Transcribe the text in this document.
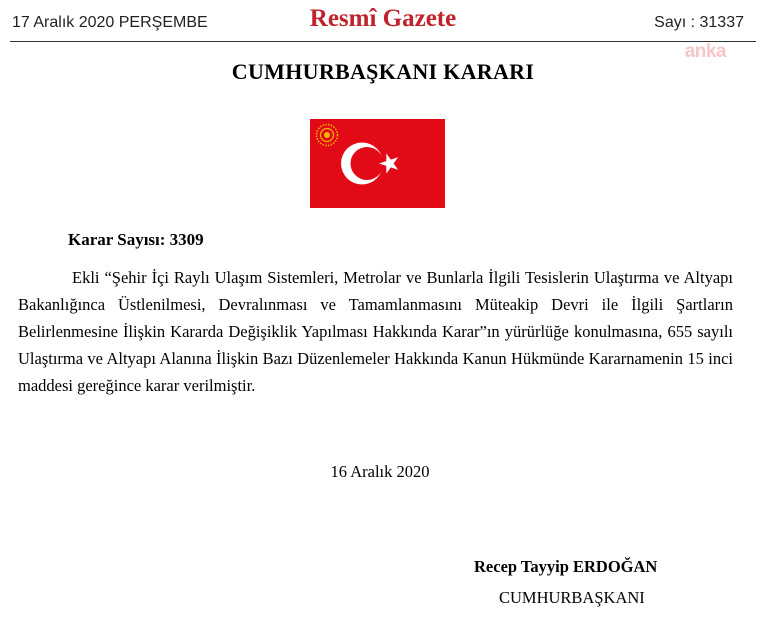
17 Aralık 2020 PERŞEMBE	Resmî Gazete	Sayı : 31337
anka
CUMHURBAŞKANI KARARI
Karar Sayısı: 3309

Ekli “Şehir İçi Raylı Ulaşım Sistemleri, Metrolar ve Bunlarla İlgili Tesislerin Ulaştırma ve Altyapı Bakanlığınca Üstlenilmesi, Devralınması ve Tamamlanmasını Müteakip Devri ile İlgili Şartların Belirlenmesine İlişkin Kararda Değişiklik Yapılması Hakkında Karar”ın yürürlüğe konulmasına, 655 sayılı Ulaştırma ve Altyapı Alanına İlişkin Bazı Düzenlemeler Hakkında Kanun Hükmünde Kararnamenin 15 inci maddesi gereğince karar verilmiştir.

16 Aralık 2020
Recep Tayyip ERDOĞAN
CUMHURBAŞKANI
